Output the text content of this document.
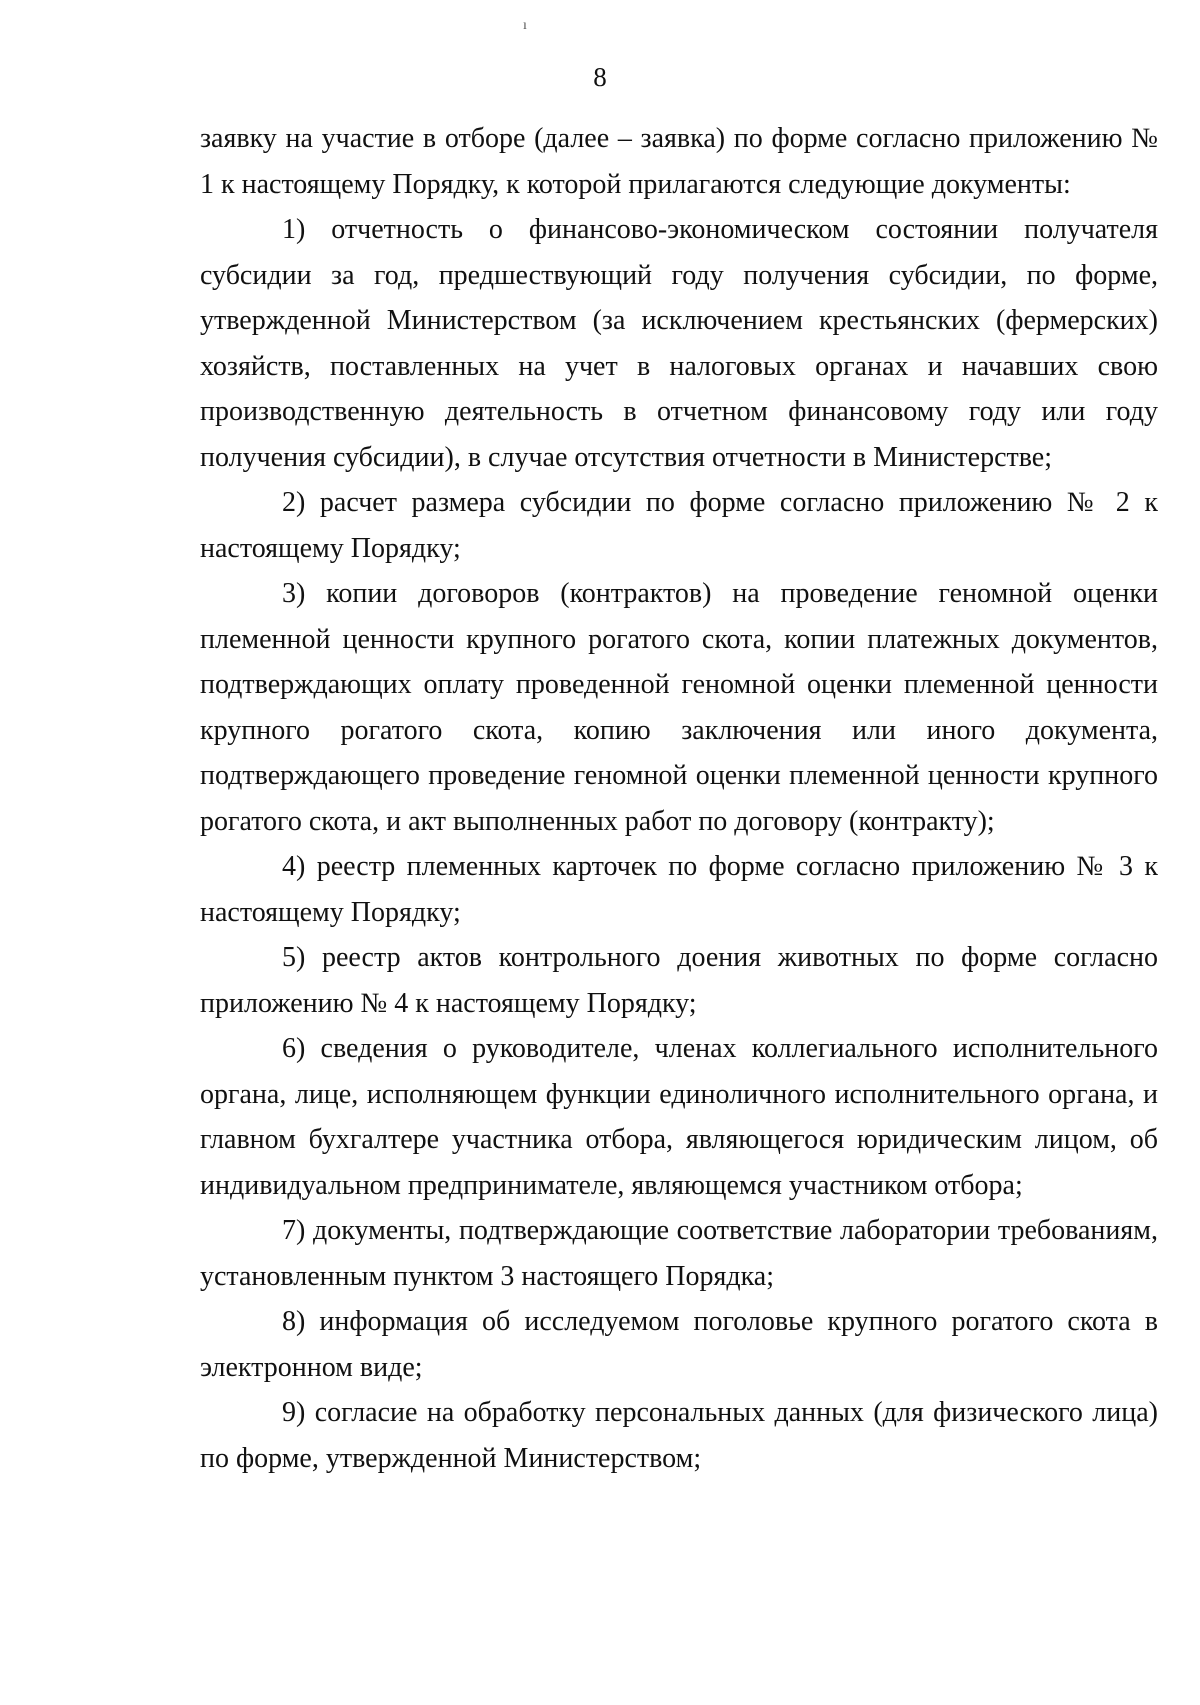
ı
8

заявку на участие в отборе (далее – заявка) по форме согласно приложению № 1 к настоящему Порядку, к которой прилагаются следующие документы:

1) отчетность о финансово-экономическом состоянии получателя субсидии за год, предшествующий году получения субсидии, по форме, утвержденной Министерством (за исключением крестьянских (фермерских) хозяйств, поставленных на учет в налоговых органах и начавших свою производственную деятельность в отчетном финансовому году или году получения субсидии), в случае отсутствия отчетности в Министерстве;

2) расчет размера субсидии по форме согласно приложению № 2 к настоящему Порядку;

3) копии договоров (контрактов) на проведение геномной оценки племенной ценности крупного рогатого скота, копии платежных документов, подтверждающих оплату проведенной геномной оценки племенной ценности крупного рогатого скота, копию заключения или иного документа, подтверждающего проведение геномной оценки племенной ценности крупного рогатого скота, и акт выполненных работ по договору (контракту);

4) реестр племенных карточек по форме согласно приложению № 3 к настоящему Порядку;

5) реестр актов контрольного доения животных по форме согласно приложению № 4 к настоящему Порядку;

6) сведения о руководителе, членах коллегиального исполнительного органа, лице, исполняющем функции единоличного исполнительного органа, и главном бухгалтере участника отбора, являющегося юридическим лицом, об индивидуальном предпринимателе, являющемся участником отбора;

7) документы, подтверждающие соответствие лаборатории требованиям, установленным пунктом 3 настоящего Порядка;

8) информация об исследуемом поголовье крупного рогатого скота в электронном виде;

9) согласие на обработку персональных данных (для физического лица) по форме, утвержденной Министерством;
